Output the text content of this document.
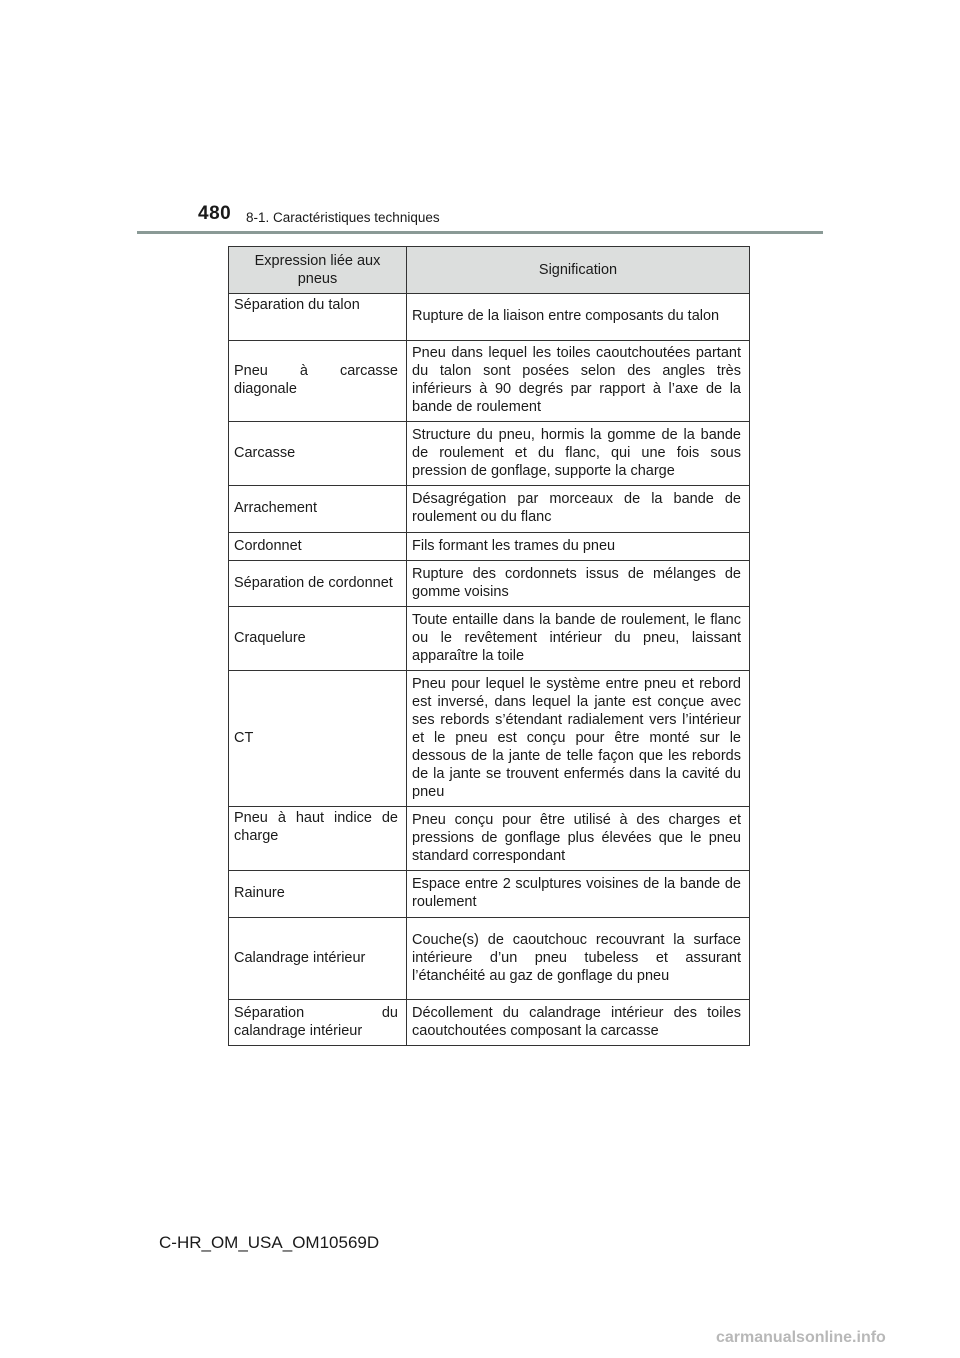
480 8-1. Caractéristiques techniques
Expression liée aux pneus	Signification
Séparation du talon	Rupture de la liaison entre composants du talon
Pneu à carcasse diagonale	Pneu dans lequel les toiles caoutchoutées partant du talon sont posées selon des angles très inférieurs à 90 degrés par rapport à l’axe de la bande de roulement
Carcasse	Structure du pneu, hormis la gomme de la bande de roulement et du flanc, qui une fois sous pression de gonflage, supporte la charge
Arrachement	Désagrégation par morceaux de la bande de roulement ou du flanc
Cordonnet	Fils formant les trames du pneu
Séparation de cordonnet	Rupture des cordonnets issus de mélanges de gomme voisins
Craquelure	Toute entaille dans la bande de roulement, le flanc ou le revêtement intérieur du pneu, laissant apparaître la toile
CT	Pneu pour lequel le système entre pneu et rebord est inversé, dans lequel la jante est conçue avec ses rebords s’étendant radialement vers l’intérieur et le pneu est conçu pour être monté sur le dessous de la jante de telle façon que les rebords de la jante se trouvent enfermés dans la cavité du pneu
Pneu à haut indice de charge	Pneu conçu pour être utilisé à des charges et pressions de gonflage plus élevées que le pneu standard correspondant
Rainure	Espace entre 2 sculptures voisines de la bande de roulement
Calandrage intérieur	Couche(s) de caoutchouc recouvrant la surface intérieure d’un pneu tubeless et assurant l’étanchéité au gaz de gonflage du pneu
Séparation du calandrage intérieur	Décollement du calandrage intérieur des toiles caoutchoutées composant la carcasse
C-HR_OM_USA_OM10569D
carmanualsonline.info
